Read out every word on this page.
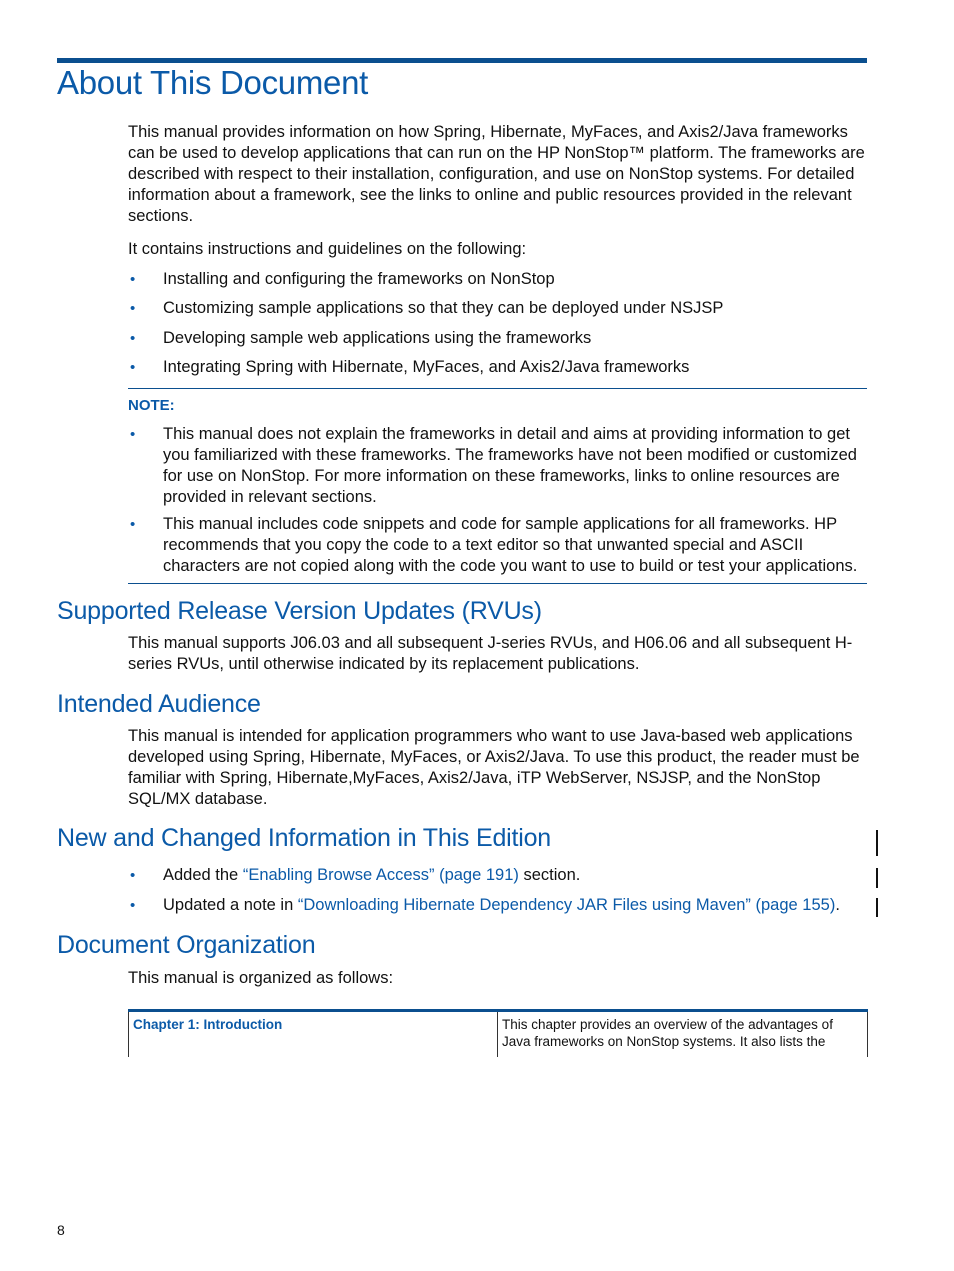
About This Document

This manual provides information on how Spring, Hibernate, MyFaces, and Axis2/Java frameworks can be used to develop applications that can run on the HP NonStop™ platform. The frameworks are described with respect to their installation, configuration, and use on NonStop systems. For detailed information about a framework, see the links to online and public resources provided in the relevant sections.

It contains instructions and guidelines on the following:

• Installing and configuring the frameworks on NonStop
• Customizing sample applications so that they can be deployed under NSJSP
• Developing sample web applications using the frameworks
• Integrating Spring with Hibernate, MyFaces, and Axis2/Java frameworks
NOTE:
• This manual does not explain the frameworks in detail and aims at providing information to get you familiarized with these frameworks. The frameworks have not been modified or customized for use on NonStop. For more information on these frameworks, links to online resources are provided in relevant sections.
• This manual includes code snippets and code for sample applications for all frameworks. HP recommends that you copy the code to a text editor so that unwanted special and ASCII characters are not copied along with the code you want to use to build or test your applications.
Supported Release Version Updates (RVUs)

This manual supports J06.03 and all subsequent J-series RVUs, and H06.06 and all subsequent H-series RVUs, until otherwise indicated by its replacement publications.

Intended Audience

This manual is intended for application programmers who want to use Java-based web applications developed using Spring, Hibernate, MyFaces, or Axis2/Java. To use this product, the reader must be familiar with Spring, Hibernate,MyFaces, Axis2/Java, iTP WebServer, NSJSP, and the NonStop SQL/MX database.

New and Changed Information in This Edition
• Added the “Enabling Browse Access” (page 191) section.
• Updated a note in “Downloading Hibernate Dependency JAR Files using Maven” (page 155).
Document Organization

This manual is organized as follows:

Chapter 1: Introduction	This chapter provides an overview of the advantages of Java frameworks on NonStop systems. It also lists the
8
